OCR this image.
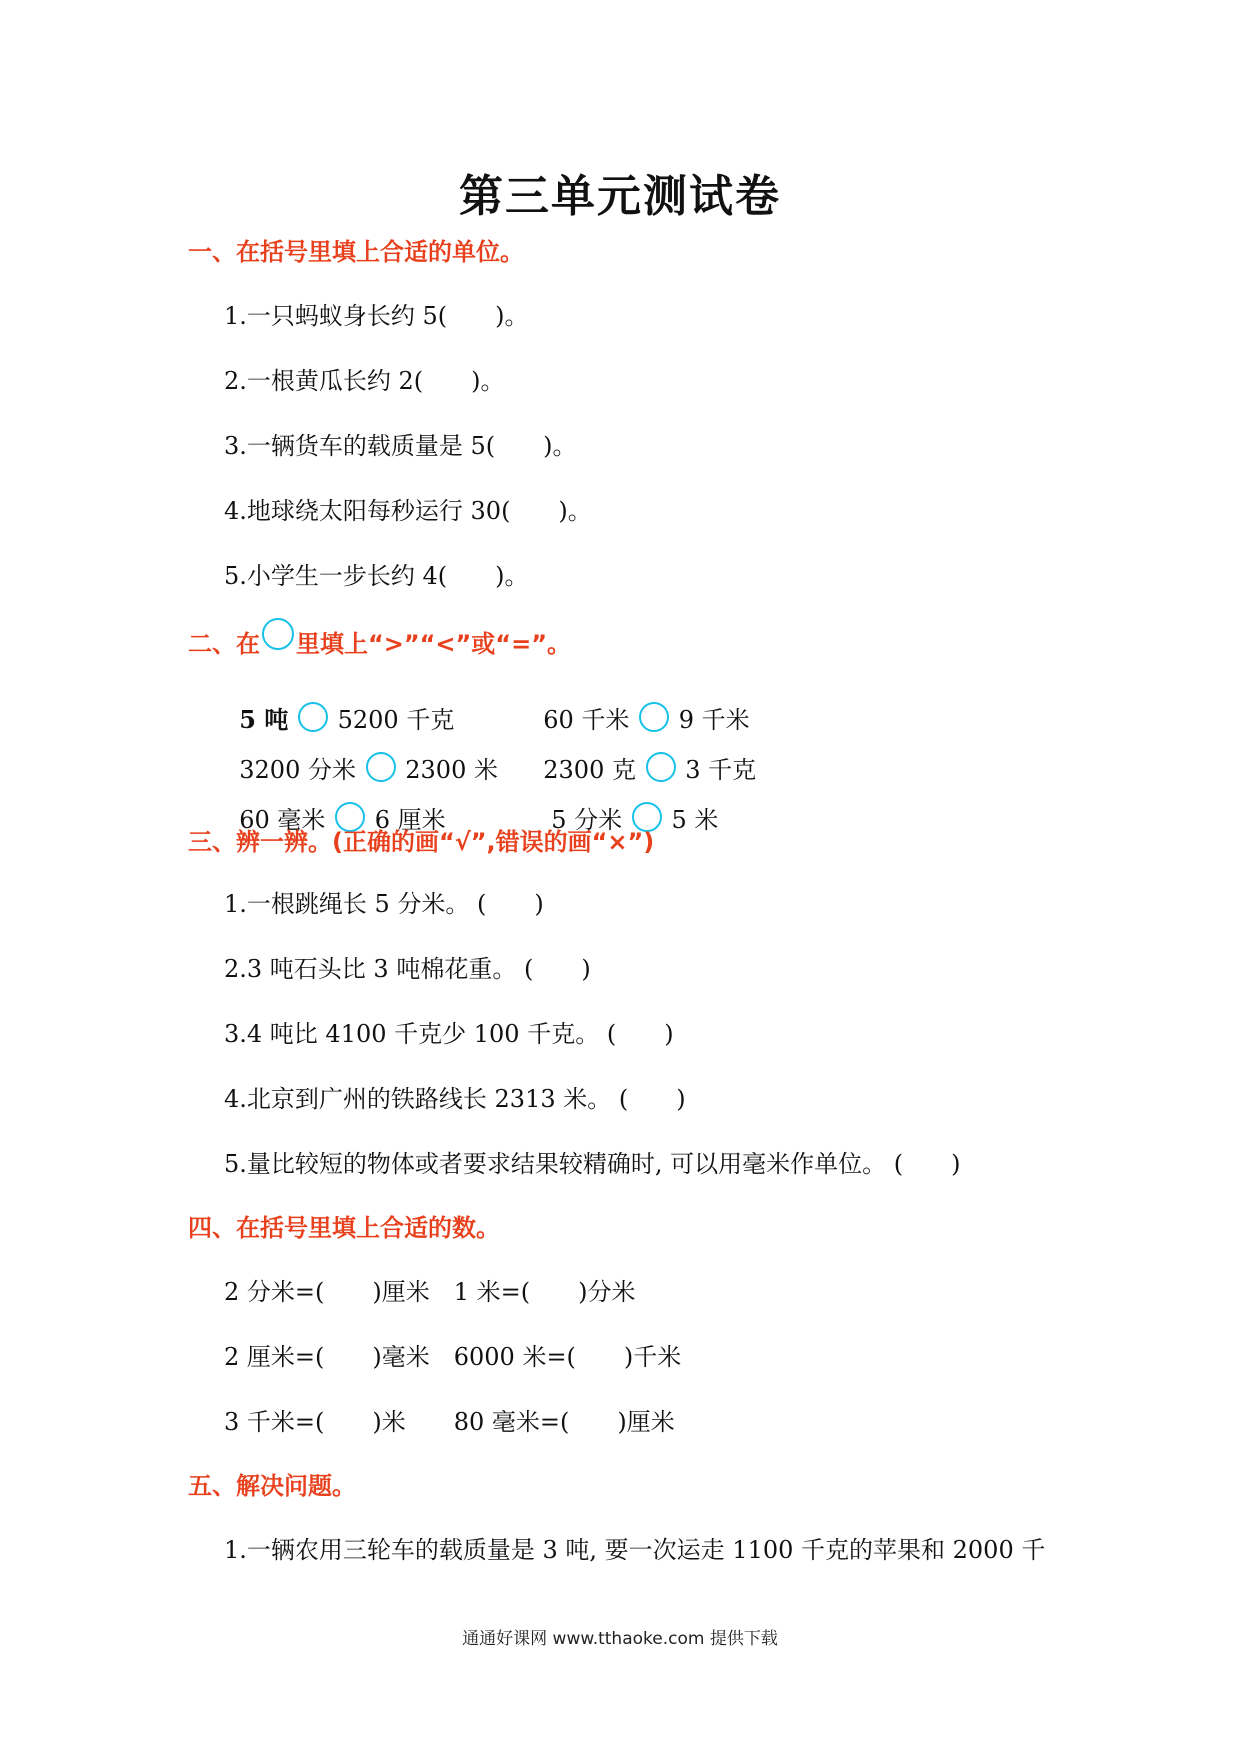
第三单元测试卷
一、在括号里填上合适的单位。
1.一只蚂蚁身长约 5(　　)。
2.一根黄瓜长约 2(　　)。
3.一辆货车的载质量是 5(　　)。
4.地球绕太阳每秒运行 30(　　)。
5.小学生一步长约 4(　　)。
二、在 里填上“>”“<”或“=”。

5 吨 5200 千克	60 千米 9 千米

3200 分米 2300 米	2300 克 3 千克

60 毫米 6 厘米	5 分米 5 米

三、辨一辨。(正确的画“√”,错误的画“×”)
1.一根跳绳长 5 分米。 (　　)
2.3 吨石头比 3 吨棉花重。 (　　)
3.4 吨比 4100 千克少 100 千克。 (　　)
4.北京到广州的铁路线长 2313 米。 (　　)
5.量比较短的物体或者要求结果较精确时, 可以用毫米作单位。 (　　)
四、在括号里填上合适的数。
2 分米=(　　)厘米　1 米=(　　)分米
2 厘米=(　　)毫米　6000 米=(　　)千米
3 千米=(　　)米　　80 毫米=(　　)厘米
五、解决问题。
1.一辆农用三轮车的载质量是 3 吨, 要一次运走 1100 千克的苹果和 2000 千
通通好课网 www.tthaoke.com 提供下载
